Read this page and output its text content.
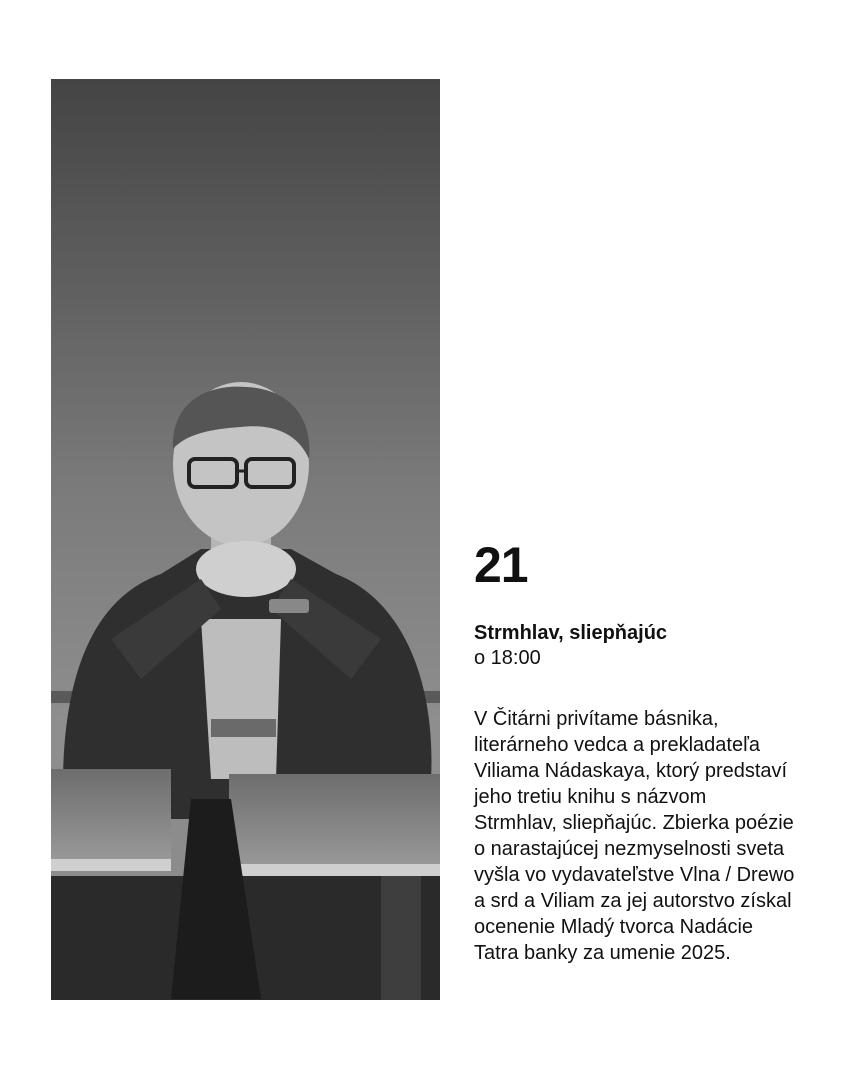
21
Strmhlav, sliepňajúc
o 18:00
V Čitárni privítame básnika,
literárneho vedca a prekladateľa
Viliama Nádaskaya, ktorý predstaví
jeho tretiu knihu s názvom
Strmhlav, sliepňajúc. Zbierka poézie
o narastajúcej nezmyselnosti sveta
vyšla vo vydavateľstve Vlna / Drewo
a srd a Viliam za jej autorstvo získal
ocenenie Mladý tvorca Nadácie
Tatra banky za umenie 2025.
